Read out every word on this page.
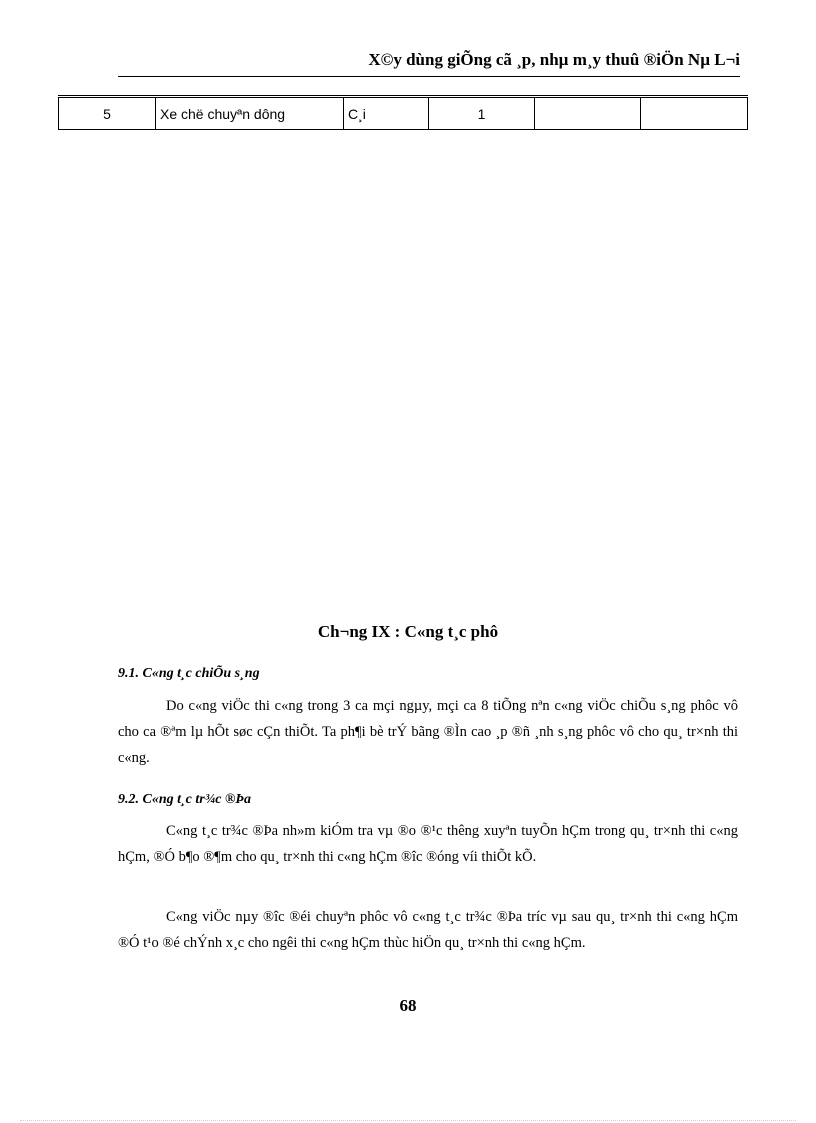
X©y dùng giÕng cã ¸p, nhµ m¸y thuû ®iÖn Nµ L¬i
5	Xe chë chuyªn dông	C¸i	1		
Ch¬ng IX : C«ng t¸c phô
9.1. C«ng t¸c chiÕu s¸ng

Do c«ng viÖc thi c«ng trong 3 ca mçi ngµy, mçi ca 8 tiÕng nªn c«ng viÖc chiÕu s¸ng phôc vô cho ca ®ªm lµ hÕt søc cÇn thiÕt. Ta ph¶i bè trÝ bãng ®Ìn cao ¸p ®ñ ¸nh s¸ng phôc vô cho qu¸ tr×nh thi c«ng.

9.2. C«ng t¸c tr¾c ®Þa

C«ng t¸c tr¾c ®Þa nh»m kiÓm tra vµ ®o ®¹c thêng xuyªn tuyÕn hÇm trong qu¸ tr×nh thi c«ng hÇm, ®Ó b¶o ®¶m cho qu¸ tr×nh thi c«ng hÇm ®îc ®óng víi thiÕt kÕ.

C«ng viÖc nµy ®îc ®éi chuyªn phôc vô c«ng t¸c tr¾c ®Þa tríc vµ sau qu¸ tr×nh thi c«ng hÇm ®Ó t¹o ®é chÝnh x¸c cho ngêi thi c«ng hÇm thùc hiÖn qu¸ tr×nh thi c«ng hÇm.

68
